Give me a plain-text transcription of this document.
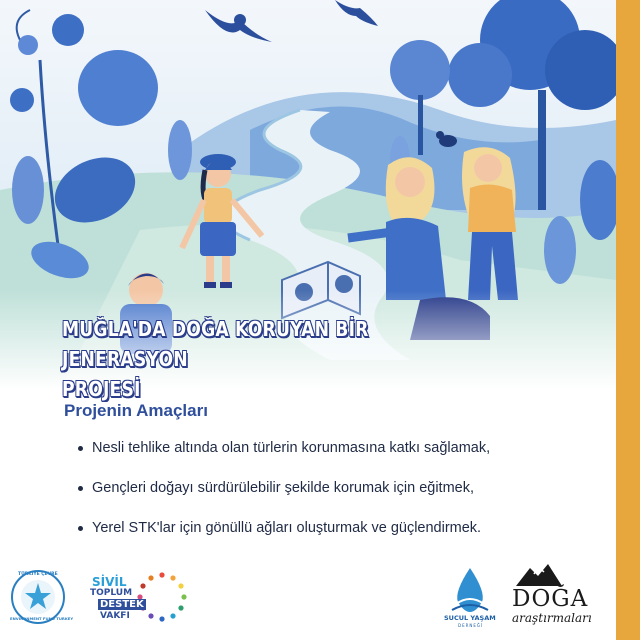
MUĞLA'DA DOĞA KORUYAN BİR JENERASYON
PROJESİ
Projenin Amaçları
Nesli tehlike altında olan türlerin korunmasına katkı sağlamak,
Gençleri doğayı sürdürülebilir şekilde korumak için eğitmek,
Yerel STK'lar için gönüllü ağları oluşturmak ve güçlendirmek.
TÜRKİYE ÇEVRE
ENVIRONMENT FUND TURKEY
SİVİL
TOPLUM
DESTEK
VAKFI	SUCUL YAŞAM
DERNEĞİ
DOĞA
araştırmaları
